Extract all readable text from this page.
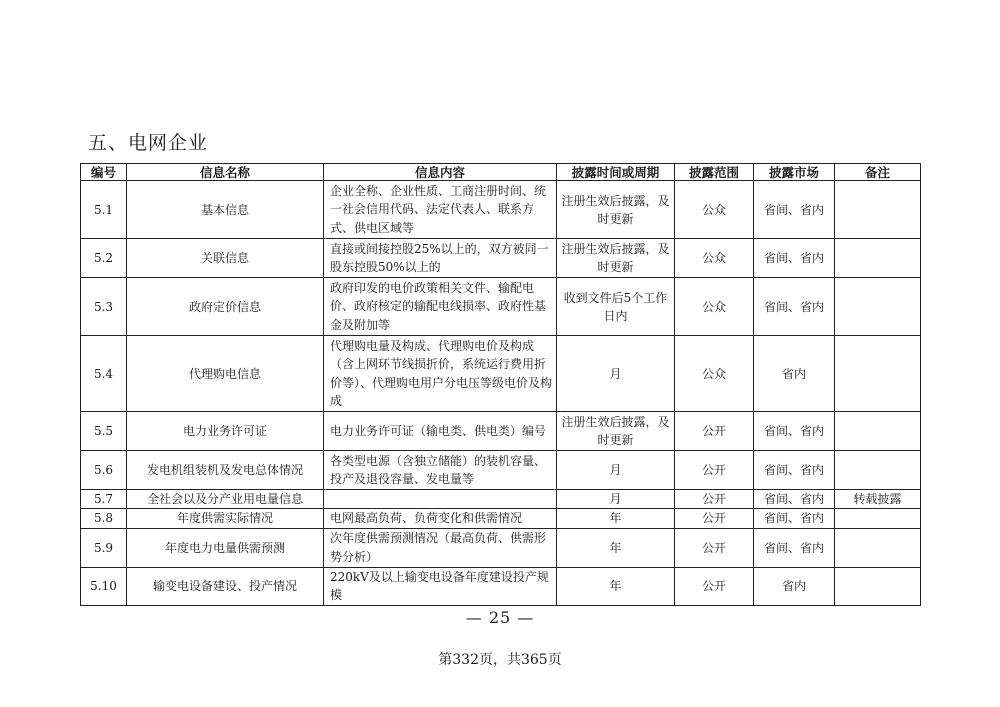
五、电网企业
编号	信息名称	信息内容	披露时间或周期	披露范围	披露市场	备注
5.1	基本信息	企业全称、企业性质、工商注册时间、统一社会信用代码、法定代表人、联系方式、供电区域等	注册生效后披露，及时更新	公众	省间、省内	
5.2	关联信息	直接或间接控股25%以上的，双方被同一股东控股50%以上的	注册生效后披露，及时更新	公众	省间、省内	
5.3	政府定价信息	政府印发的电价政策相关文件、输配电价、政府核定的输配电线损率、政府性基金及附加等	收到文件后5个工作日内	公众	省间、省内	
5.4	代理购电信息	代理购电量及构成、代理购电价及构成（含上网环节线损折价，系统运行费用折价等）、代理购电用户分电压等级电价及构成	月	公众	省内	
5.5	电力业务许可证	电力业务许可证（输电类、供电类）编号	注册生效后披露，及时更新	公开	省间、省内	
5.6	发电机组装机及发电总体情况	各类型电源（含独立储能）的装机容量、投产及退役容量、发电量等	月	公开	省间、省内	
5.7	全社会以及分产业用电量信息		月	公开	省间、省内	转载披露
5.8	年度供需实际情况	电网最高负荷、负荷变化和供需情况	年	公开	省间、省内	
5.9	年度电力电量供需预测	次年度供需预测情况（最高负荷、供需形势分析）	年	公开	省间、省内	
5.10	输变电设备建设、投产情况	220kV及以上输变电设备年度建设投产规模	年	公开	省内	
— 25 —
第332页，共365页
